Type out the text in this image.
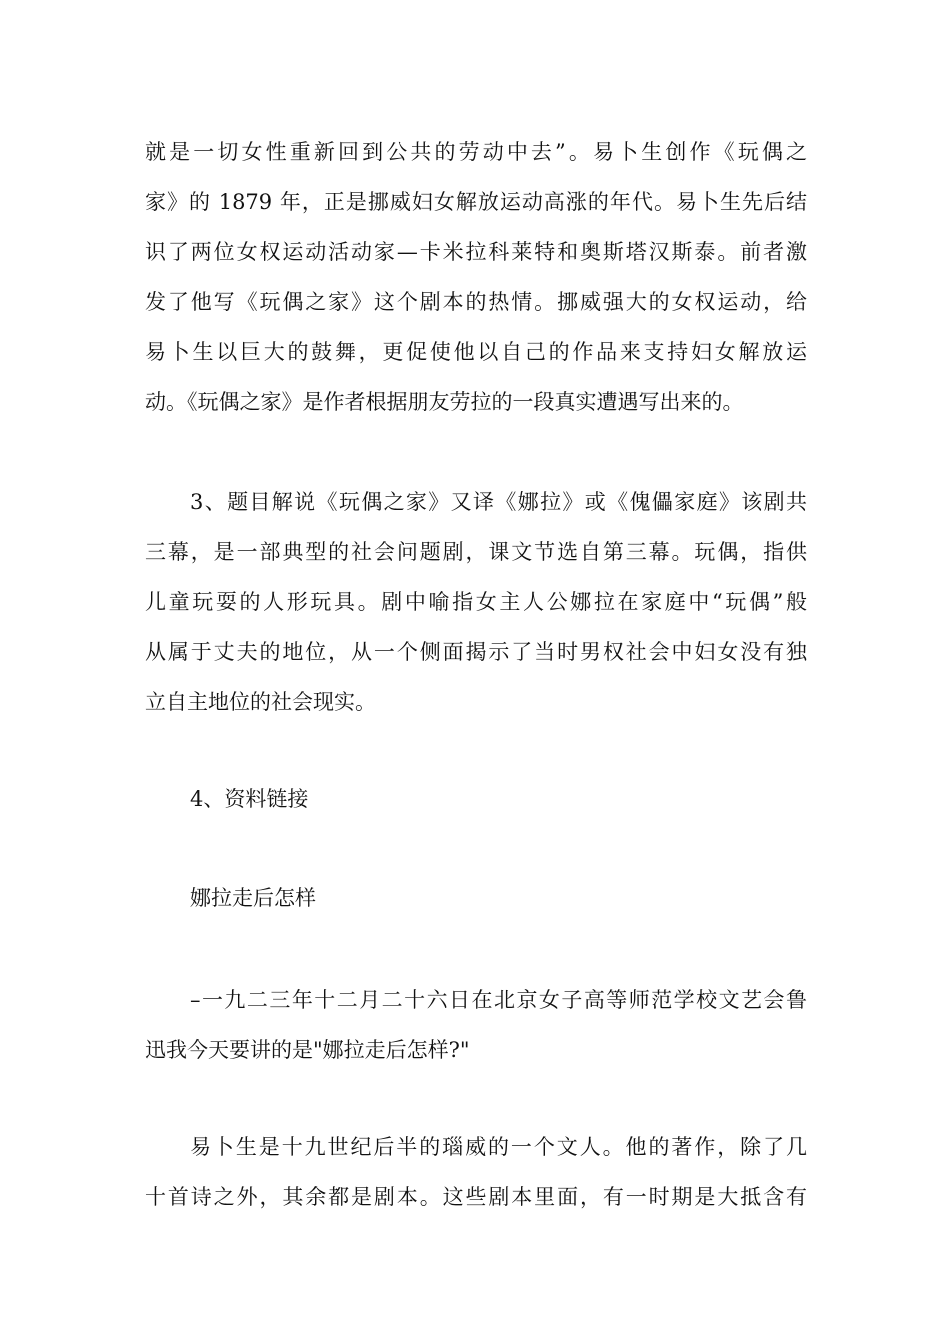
就是一切女性重新回到公共的劳动中去”。易卜生创作《玩偶之
家》的 1879 年，正是挪威妇女解放运动高涨的年代。易卜生先后结
识了两位女权运动活动家—卡米拉科莱特和奥斯塔汉斯泰。前者激
发了他写《玩偶之家》这个剧本的热情。挪威强大的女权运动，给
易卜生以巨大的鼓舞，更促使他以自己的作品来支持妇女解放运
动。《玩偶之家》是作者根据朋友劳拉的一段真实遭遇写出来的。
3、题目解说《玩偶之家》又译《娜拉》或《傀儡家庭》该剧共
三幕，是一部典型的社会问题剧，课文节选自第三幕。玩偶，指供
儿童玩耍的人形玩具。剧中喻指女主人公娜拉在家庭中“玩偶”般
从属于丈夫的地位，从一个侧面揭示了当时男权社会中妇女没有独
立自主地位的社会现实。
4、资料链接
娜拉走后怎样
–一九二三年十二月二十六日在北京女子高等师范学校文艺会鲁
迅我今天要讲的是"娜拉走后怎样?"
易卜生是十九世纪后半的瑙威的一个文人。他的著作，除了几
十首诗之外，其余都是剧本。这些剧本里面，有一时期是大抵含有
